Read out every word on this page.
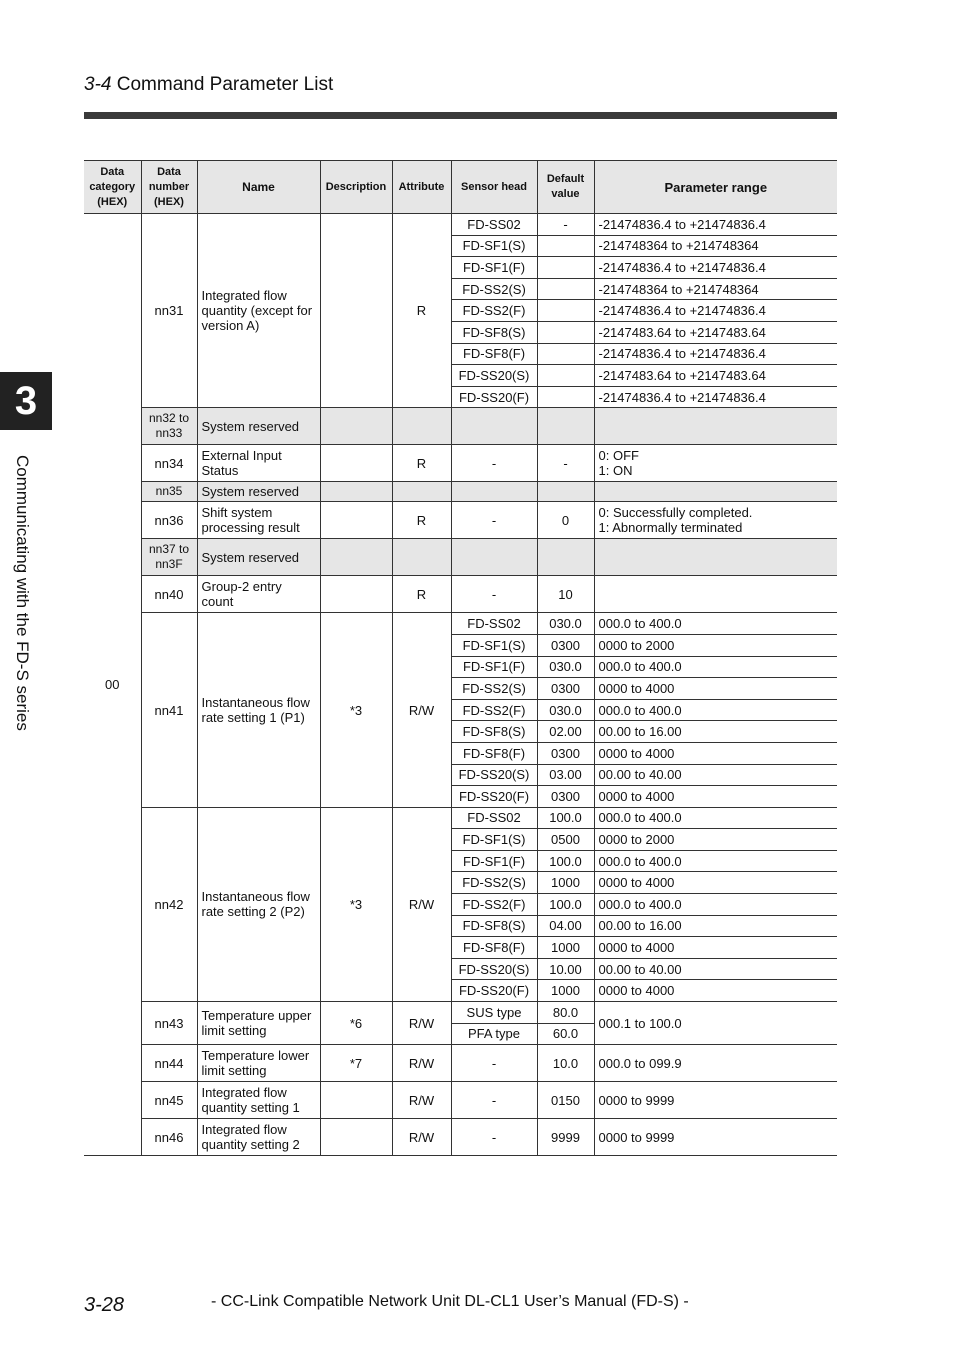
3-4 Command Parameter List
3
Communicating with the FD-S series
Data category (HEX)	Data number (HEX)	Name	Description	Attribute	Sensor head	Default value	Parameter range
00	nn31	Integrated flow quantity (except for version A)		R	FD-SS02	-	-21474836.4 to +21474836.4
					FD-SF1(S)		-214748364 to +214748364
					FD-SF1(F)		-21474836.4 to +21474836.4
					FD-SS2(S)		-214748364 to +214748364
					FD-SS2(F)		-21474836.4 to +21474836.4
					FD-SF8(S)		-2147483.64 to +2147483.64
					FD-SF8(F)		-21474836.4 to +21474836.4
					FD-SS20(S)		-2147483.64 to +2147483.64
					FD-SS20(F)		-21474836.4 to +21474836.4
	nn32 to nn33	System reserved					
	nn34	External Input Status		R	-	-	0: OFF
1: ON
	nn35	System reserved					
	nn36	Shift system processing result		R	-	0	0: Successfully completed.
1: Abnormally terminated
	nn37 to nn3F	System reserved					
	nn40	Group-2 entry count		R	-	10	
	nn41	Instantaneous flow rate setting 1 (P1)	*3	R/W	FD-SS02	030.0	000.0 to 400.0
					FD-SF1(S)	0300	0000 to 2000
					FD-SF1(F)	030.0	000.0 to 400.0
					FD-SS2(S)	0300	0000 to 4000
					FD-SS2(F)	030.0	000.0 to 400.0
					FD-SF8(S)	02.00	00.00 to 16.00
					FD-SF8(F)	0300	0000 to 4000
					FD-SS20(S)	03.00	00.00 to 40.00
					FD-SS20(F)	0300	0000 to 4000
	nn42	Instantaneous flow rate setting 2 (P2)	*3	R/W	FD-SS02	100.0	000.0 to 400.0
					FD-SF1(S)	0500	0000 to 2000
					FD-SF1(F)	100.0	000.0 to 400.0
					FD-SS2(S)	1000	0000 to 4000
					FD-SS2(F)	100.0	000.0 to 400.0
					FD-SF8(S)	04.00	00.00 to 16.00
					FD-SF8(F)	1000	0000 to 4000
					FD-SS20(S)	10.00	00.00 to 40.00
					FD-SS20(F)	1000	0000 to 4000
	nn43	Temperature upper limit setting	*6	R/W	SUS type	80.0	000.1 to 100.0
					PFA type	60.0	
	nn44	Temperature lower limit setting	*7	R/W	-	10.0	000.0 to 099.9
	nn45	Integrated flow quantity setting 1		R/W	-	0150	0000 to 9999
	nn46	Integrated flow quantity setting 2		R/W	-	9999	0000 to 9999
3-28	- CC-Link Compatible Network Unit DL-CL1 User’s Manual (FD-S) -
